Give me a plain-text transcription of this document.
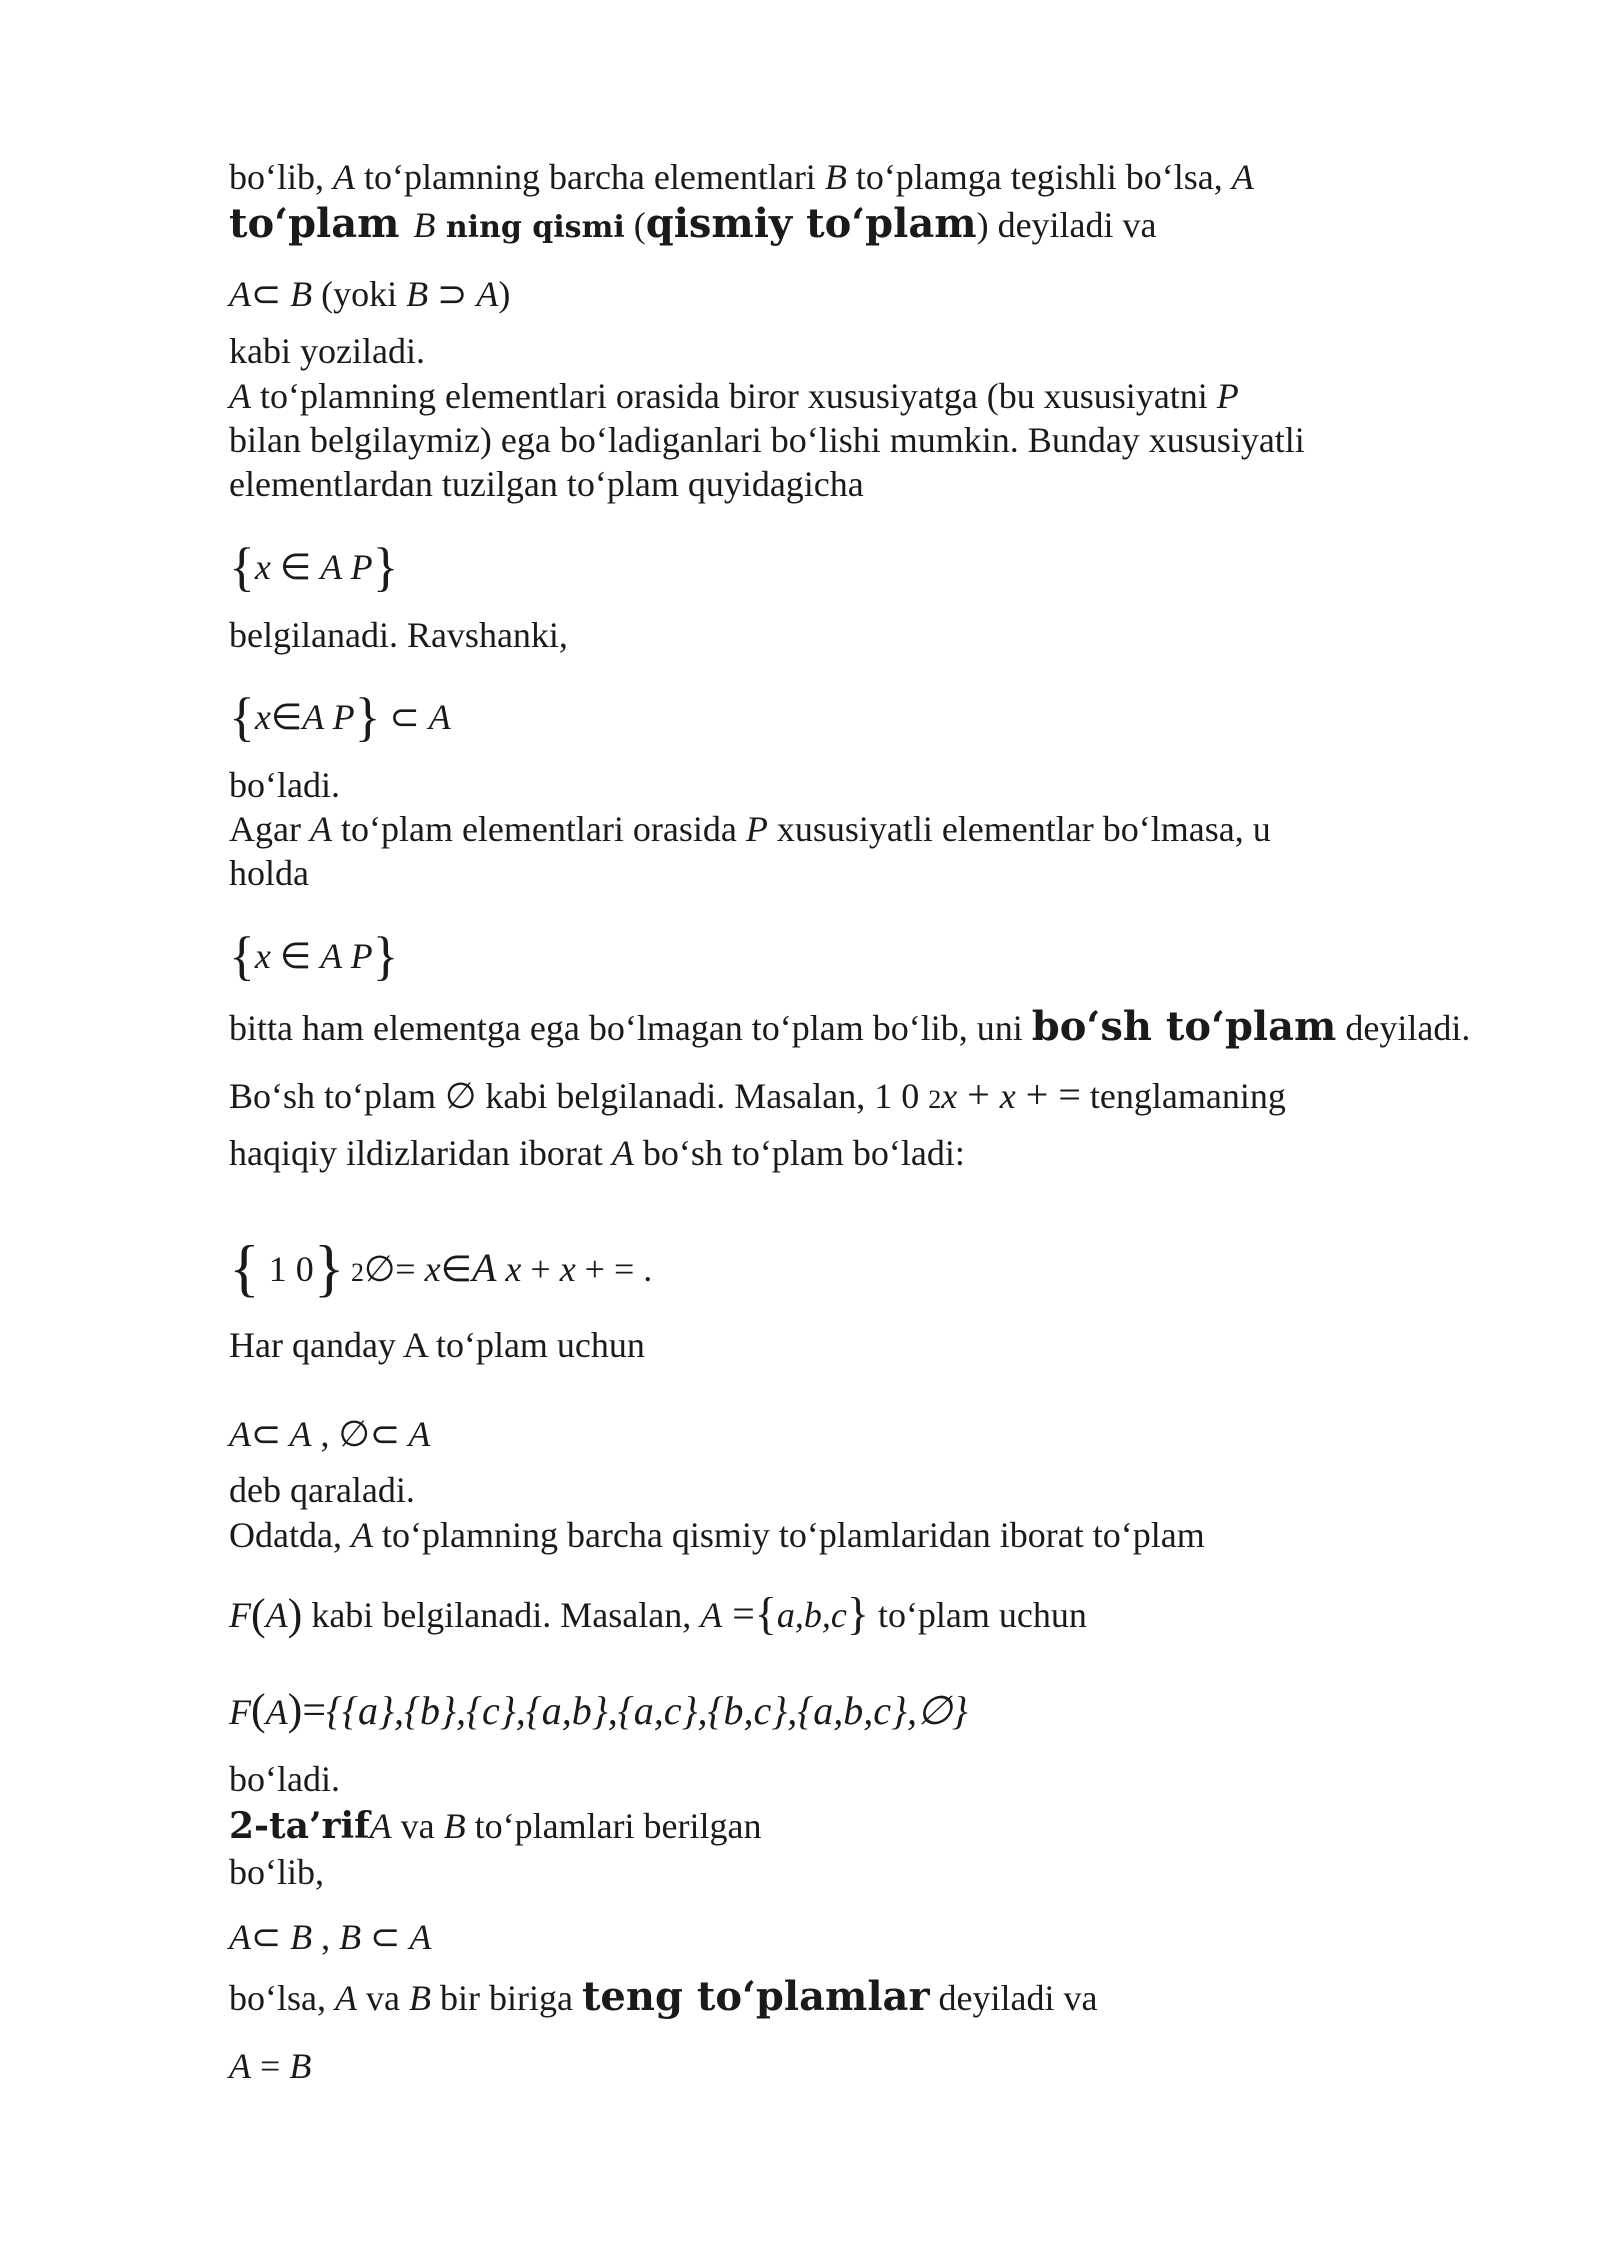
bo‘lib, A to‘plamning barcha elementlari B to‘plamga tegishli bo‘lsa, A
to‘plam B ning qismi (qismiy to‘plam) deyiladi va
A⊂ B (yoki B ⊃ A)
kabi yoziladi.
A to‘plamning elementlari orasida biror xususiyatga (bu xususiyatni P
bilan belgilaymiz) ega bo‘ladiganlari bo‘lishi mumkin. Bunday xususiyatli
elementlardan tuzilgan to‘plam quyidagicha
{x ∈ A P}
belgilanadi. Ravshanki,
{x∈A P} ⊂ A
bo‘ladi.
Agar A to‘plam elementlari orasida P xususiyatli elementlar bo‘lmasa, u
holda
{x ∈ A P}
bitta ham elementga ega bo‘lmagan to‘plam bo‘lib, uni bo‘sh to‘plam deyiladi.
Bo‘sh to‘plam ∅ kabi belgilanadi. Masalan, 1 0 2x + x + = tenglamaning
haqiqiy ildizlaridan iborat A bo‘sh to‘plam bo‘ladi:
{ 1 0} 2∅= x∈A x + x + = .
Har qanday A to‘plam uchun
A⊂ A , ∅⊂ A
deb qaraladi.
Odatda, A to‘plamning barcha qismiy to‘plamlaridan iborat to‘plam
F(A) kabi belgilanadi. Masalan, A ={a,b,c} to‘plam uchun
F(A)={{a},{b},{c},{a,b},{a,c},{b,c},{a,b,c},∅}
bo‘ladi.
2-ta’rifA va B to‘plamlari berilgan
bo‘lib,
A⊂ B , B ⊂ A
bo‘lsa, A va B bir biriga teng to‘plamlar deyiladi va
A = B
